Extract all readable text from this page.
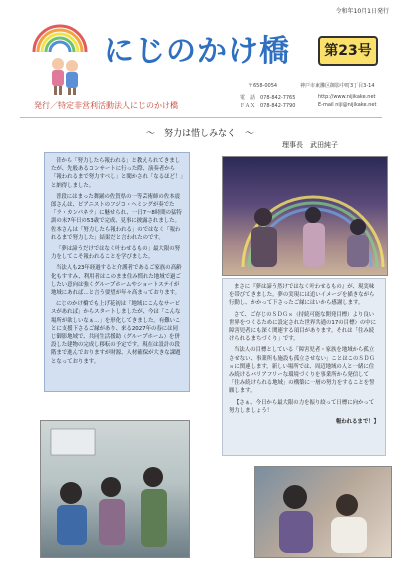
令和年10月1日発行
にじのかけ橋	第23号
〒658-0054	神戸市東灘区御影中町3丁目3-14
電　話　078-842-7765
ＦＡＸ　078-842-7790
http://www.nijikake.net
E-mail niji@nijikake.net
発行／特定非営利活動法人にじのかけ橋
～　努力は惜しみなく　～
理事長　武田純子

昔から「努力したら報われる」と教えられてきましたが、先般あるコンサートに行った際、演奏者から「報われるまで努力すべし」と聞かされ「なるほど！」と納得しました。

普段にはまった舞踊の佐賀県の一等芸術師の佐本震郎さんは、ピアニストのフジコ・ヘミングが奏でた「ラ・カンパネラ」に魅せられ、一日7～8時間の猛特訓の末7年日の53歳で完成、見事に披露されました。佐本さんは「努力したら報われる」のではなく「報われるまで努力した」結果だと言われたのです。

「夢は諦うだけではなく叶わせるもの」最大限の努力をしてこそ報われることを学びました。

当法人も23年経過すると介護者であるご家族の高齢化もすすみ、利用者はこのまま住み慣れた地域で過ごしたい意向は強くグループホームやショートステイが地域にあれば…と言う要望が年々高まっております。

にじのかけ橋でも上げ花初は「地域にこんなサービスがあれば」からスタートしましたが、今は「こんな場所が欲しいなぁ…」を形化してきました。有難いことに支援下さるご縁があり、来る2027年の春には同じ御影地域で、共同生活援助（グループホーム）を併設した建物の完成し移転の予定です。現在は設計の段階まで進んでおりますが財源、人材確保が大きな課題となっております。

まさに『夢は諦う然けではなく叶わせるもの』が、現実味を帯びてきました。夢の実現には追いイメージを描きながら行動し、かかって下さったご縁にはいから感謝します。

さて、ご存じのＳＤＧｓ（持続可能な開発目標）より良い世界をつくるために設定された世界共通の17の目標）の中に障害児者にも深く関連する項目があります。それは「住み続けられるまちづくり」です。

当法人の目標としている「障害児者・家族を地域から孤立させない、事業所も施設も孤立させない」ことはこのＳＤＧｓに関連します。新しい場所では、周辺地域の人と一緒に住み続けるバリアフリーな環境づくりを事業所から発信して「住み続けられる地域」の構築に一層の努力をすることを誓願します。

【さぁ、今日から最大限の力を振り絞って日標に向かって努力しましょう！

報われるまで！】
